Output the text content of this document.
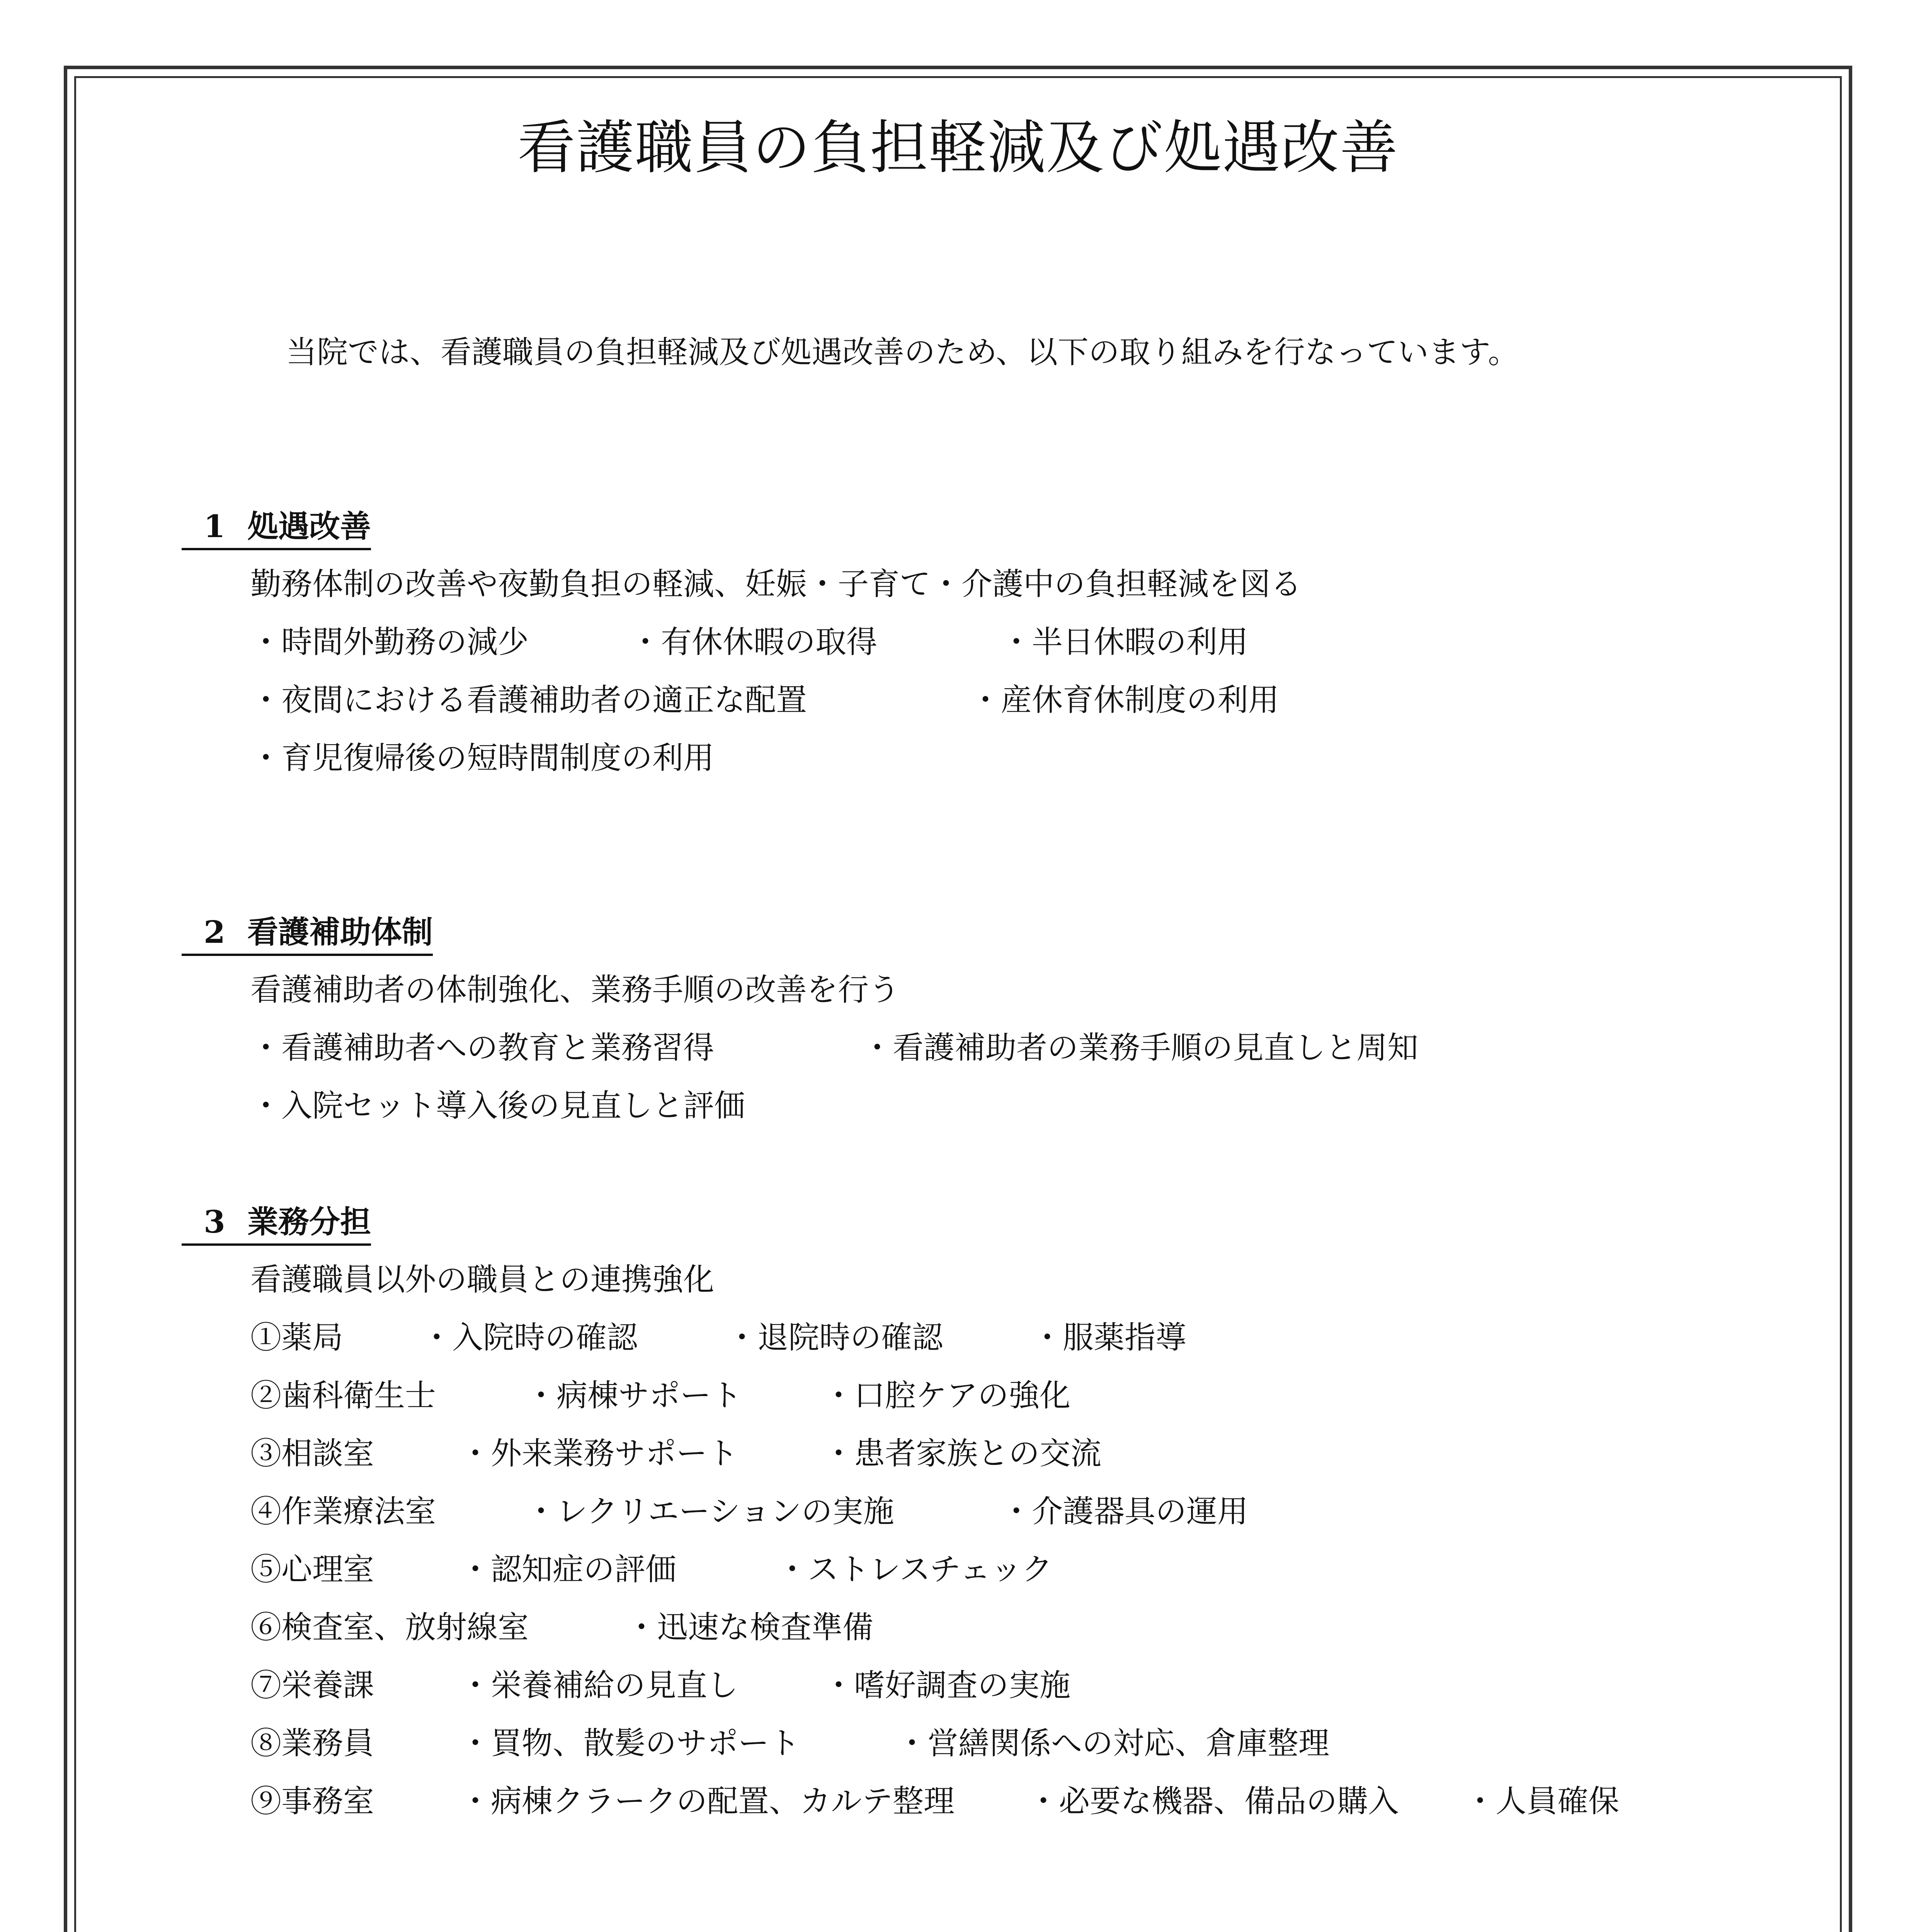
看護職員の負担軽減及び処遇改善
当院では、看護職員の負担軽減及び処遇改善のため、以下の取り組みを行なっています。
1 処遇改善
勤務体制の改善や夜勤負担の軽減、妊娠・子育て・介護中の負担軽減を図る
・時間外勤務の減少	・有休休暇の取得	・半日休暇の利用
・夜間における看護補助者の適正な配置	・産休育休制度の利用
・育児復帰後の短時間制度の利用
2 看護補助体制
看護補助者の体制強化、業務手順の改善を行う
・看護補助者への教育と業務習得	・看護補助者の業務手順の見直しと周知
・入院セット導入後の見直しと評価
3 業務分担
看護職員以外の職員との連携強化
①薬局	・入院時の確認	・退院時の確認	・服薬指導
②歯科衛生士	・病棟サポート	・口腔ケアの強化
③相談室	・外来業務サポート	・患者家族との交流
④作業療法室	・レクリエーションの実施	・介護器具の運用
⑤心理室	・認知症の評価	・ストレスチェック
⑥検査室、放射線室	・迅速な検査準備
⑦栄養課	・栄養補給の見直し	・嗜好調査の実施
⑧業務員	・買物、散髪のサポート	・営繕関係への対応、倉庫整理
⑨事務室	・病棟クラークの配置、カルテ整理 ・必要な機器、備品の購入 ・人員確保
